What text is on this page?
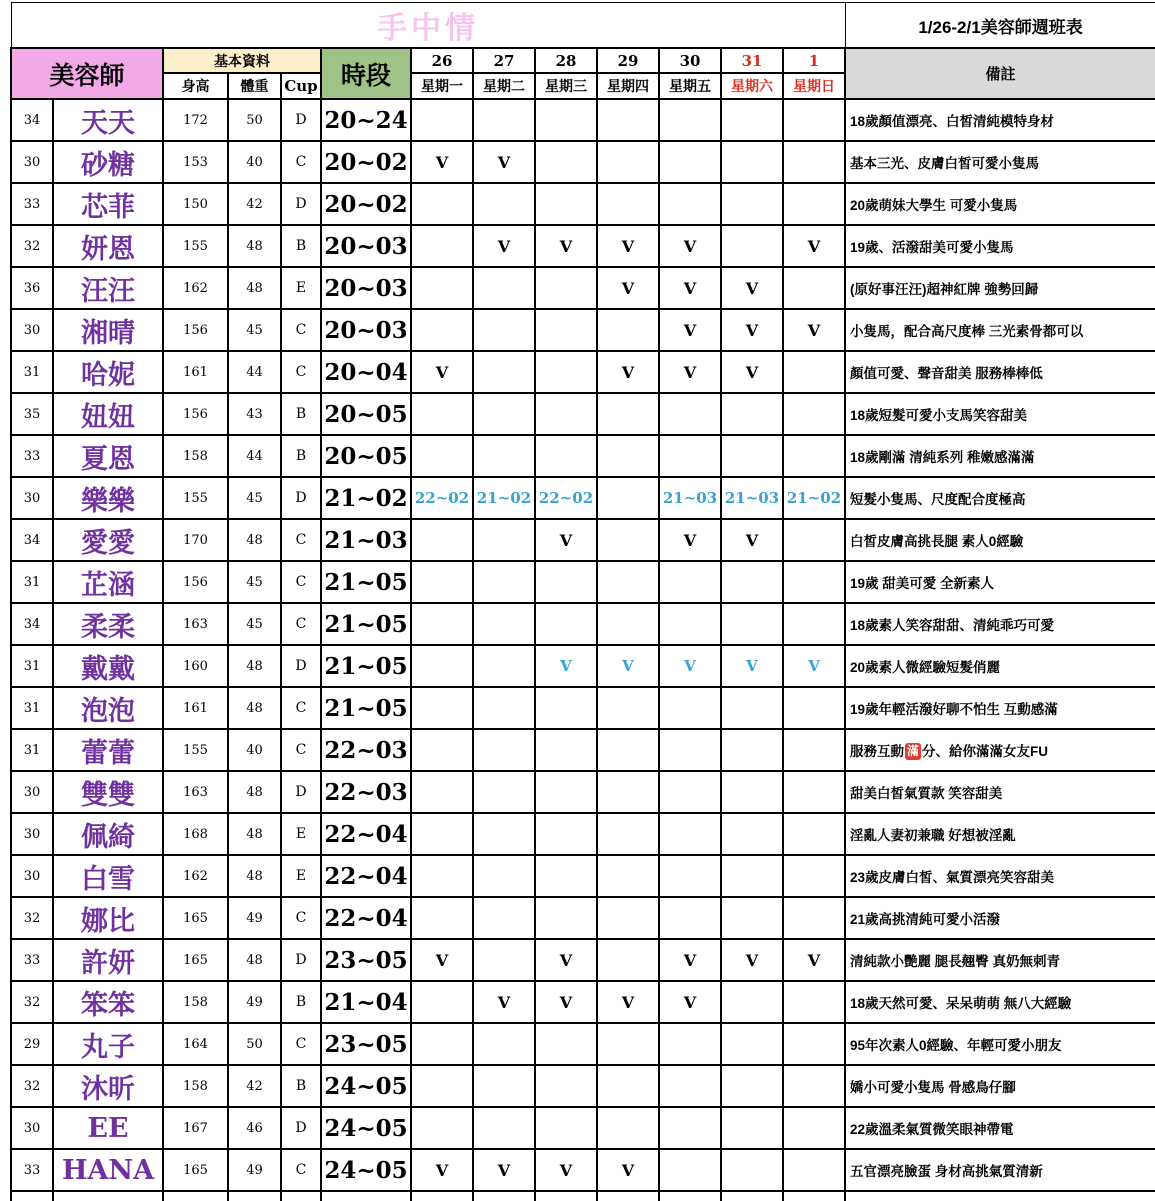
手中情													1/26-2/1美容師週班表
美容師		基本資料			時段	26	27	28	29	30	31	1	備註
		身高	體重	Cup		星期一	星期二	星期三	星期四	星期五	星期六	星期日	
34	天天	172	50	D	20~24								18歲顏值漂亮、白皙清純模特身材
30	砂糖	153	40	C	20~02	V	V						基本三光、皮膚白皙可愛小隻馬
33	芯菲	150	42	D	20~02								20歲萌妹大學生 可愛小隻馬
32	妍恩	155	48	B	20~03		V	V	V	V		V	19歲、活潑甜美可愛小隻馬
36	汪汪	162	48	E	20~03				V	V	V		(原好事汪汪)超神紅牌 強勢回歸
30	湘晴	156	45	C	20~03					V	V	V	小隻馬，配合高尺度棒 三光素骨都可以
31	哈妮	161	44	C	20~04	V			V	V	V		顏值可愛、聲音甜美 服務棒棒低
35	妞妞	156	43	B	20~05								18歲短髮可愛小支馬笑容甜美
33	夏恩	158	44	B	20~05								18歲剛滿 清純系列 稚嫩感滿滿
30	樂樂	155	45	D	21~02	22~02	21~02	22~02		21~03	21~03	21~02	短髮小隻馬、尺度配合度極高
34	愛愛	170	48	C	21~03			V		V	V		白皙皮膚高挑長腿 素人0經驗
31	芷涵	156	45	C	21~05								19歲 甜美可愛 全新素人
34	柔柔	163	45	C	21~05								18歲素人笑容甜甜、清純乖巧可愛
31	戴戴	160	48	D	21~05			V	V	V	V	V	20歲素人微經驗短髮俏麗
31	泡泡	161	48	C	21~05								19歲年輕活潑好聊不怕生 互動感滿
31	蕾蕾	155	40	C	22~03								服務互動 滿 分、給你滿滿女友FU
30	雙雙	163	48	D	22~03								甜美白皙氣質款 笑容甜美
30	佩綺	168	48	E	22~04								淫亂人妻初兼職 好想被淫亂
30	白雪	162	48	E	22~04								23歲皮膚白皙、氣質漂亮笑容甜美
32	娜比	165	49	C	22~04								21歲高挑清純可愛小活潑
33	許妍	165	48	D	23~05	V		V		V	V	V	清純款小艷麗 腿長翹臀 真奶無刺青
32	笨笨	158	49	B	21~04		V	V	V	V			18歲天然可愛、呆呆萌萌 無八大經驗
29	丸子	164	50	C	23~05								95年次素人0經驗、年輕可愛小朋友
32	沐昕	158	42	B	24~05								嬌小可愛小隻馬 骨感鳥仔腳
30	EE	167	46	D	24~05								22歲溫柔氣質微笑眼神帶電
33	HANA	165	49	C	24~05	V	V	V	V				五官漂亮臉蛋 身材高挑氣質清新
